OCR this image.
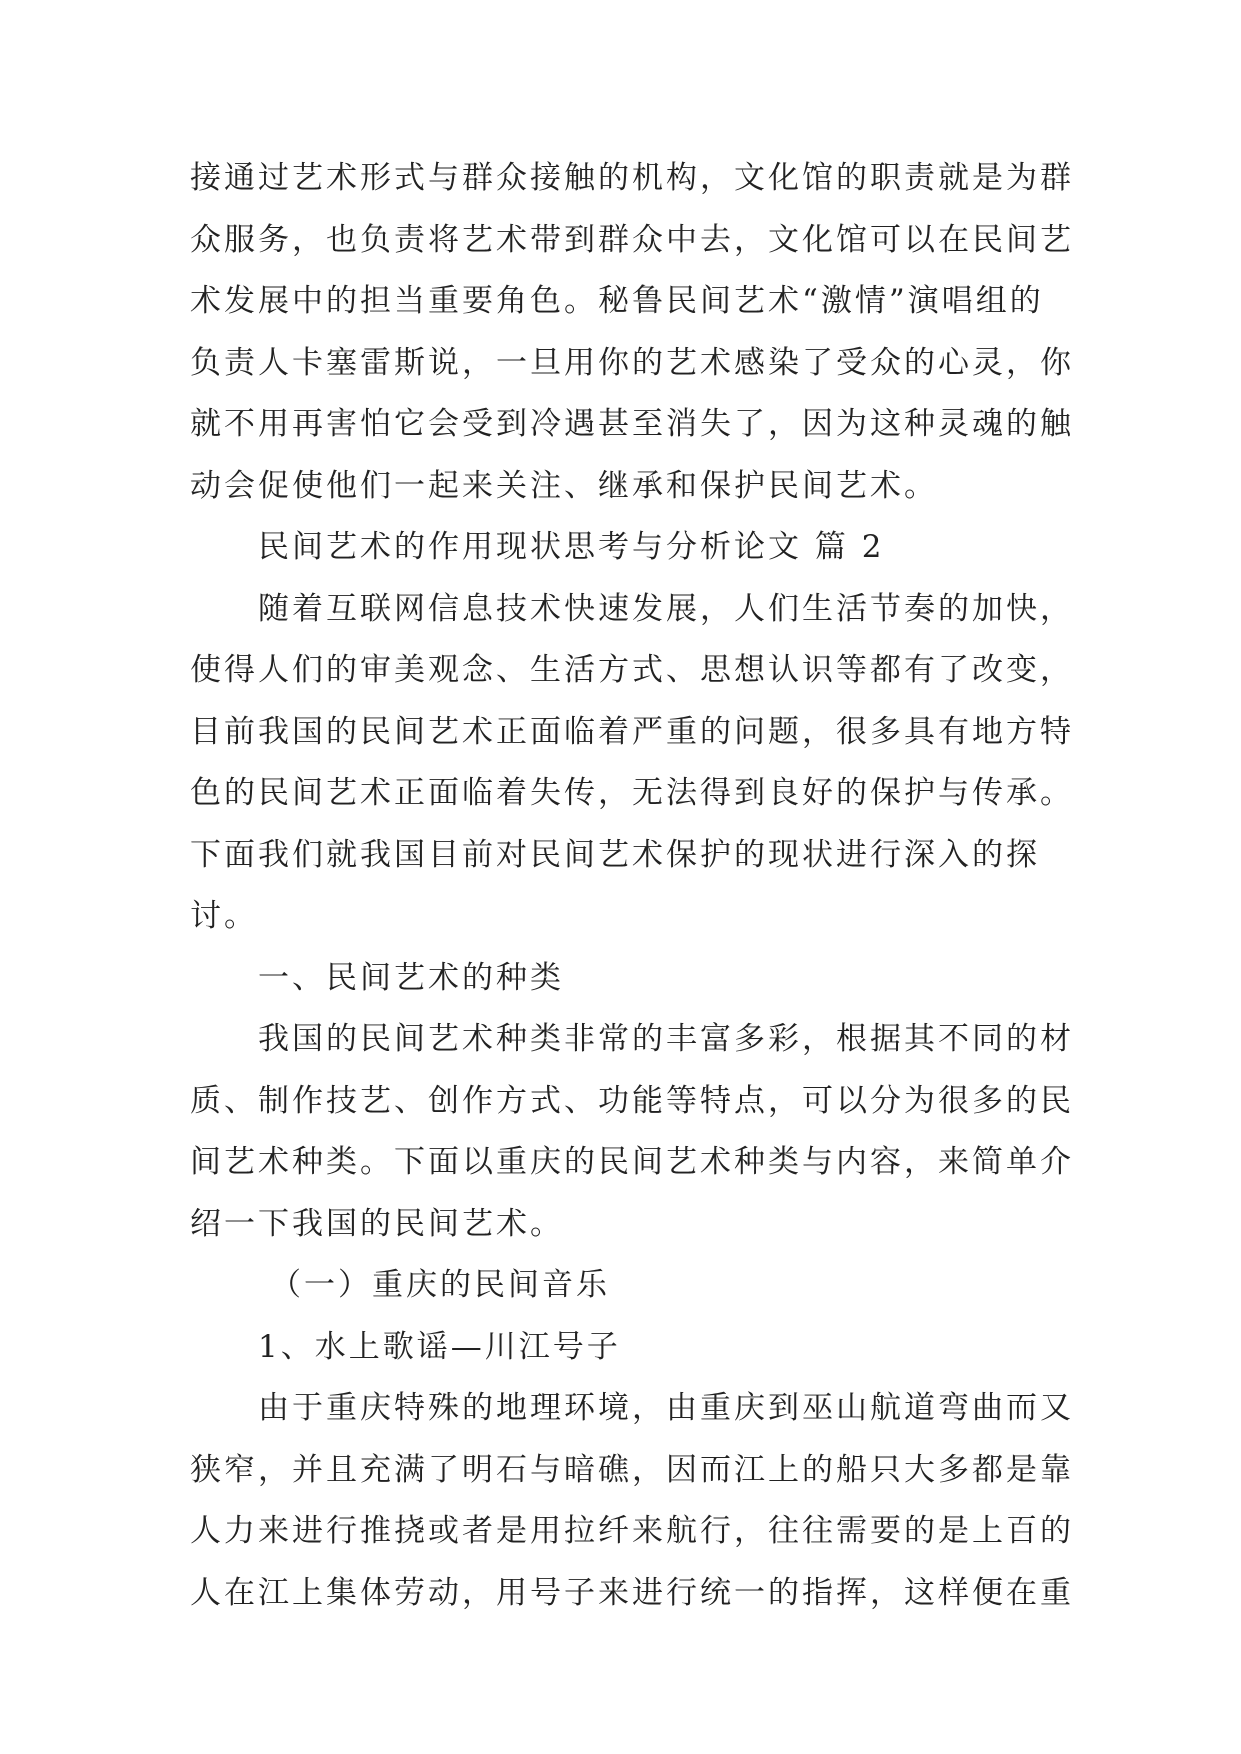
接通过艺术形式与群众接触的机构，文化馆的职责就是为群
众服务，也负责将艺术带到群众中去，文化馆可以在民间艺
术发展中的担当重要角色。秘鲁民间艺术“激情”演唱组的
负责人卡塞雷斯说，一旦用你的艺术感染了受众的心灵，你
就不用再害怕它会受到冷遇甚至消失了，因为这种灵魂的触
动会促使他们一起来关注、继承和保护民间艺术。
民间艺术的作用现状思考与分析论文 篇 2
随着互联网信息技术快速发展，人们生活节奏的加快，
使得人们的审美观念、生活方式、思想认识等都有了改变，
目前我国的民间艺术正面临着严重的问题，很多具有地方特
色的民间艺术正面临着失传，无法得到良好的保护与传承。
下面我们就我国目前对民间艺术保护的现状进行深入的探
讨。
一、民间艺术的种类
我国的民间艺术种类非常的丰富多彩，根据其不同的材
质、制作技艺、创作方式、功能等特点，可以分为很多的民
间艺术种类。下面以重庆的民间艺术种类与内容，来简单介
绍一下我国的民间艺术。
（一）重庆的民间音乐
1、水上歌谣—川江号子
由于重庆特殊的地理环境，由重庆到巫山航道弯曲而又
狭窄，并且充满了明石与暗礁，因而江上的船只大多都是靠
人力来进行推挠或者是用拉纤来航行，往往需要的是上百的
人在江上集体劳动，用号子来进行统一的指挥，这样便在重
